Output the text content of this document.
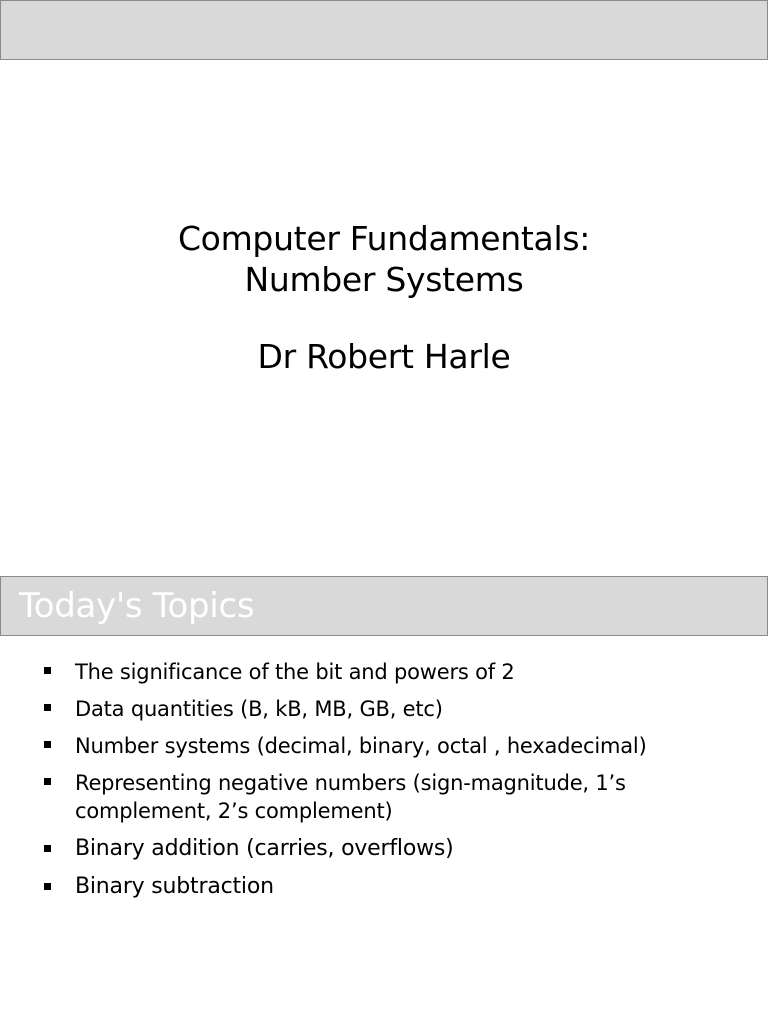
Computer Fundamentals:
Number Systems
Dr Robert Harle
Today's Topics
The significance of the bit and powers of 2
Data quantities (B, kB, MB, GB, etc)
Number systems (decimal, binary, octal , hexadecimal)
Representing negative numbers (sign-magnitude, 1’s complement, 2’s complement)
Binary addition (carries, overflows)
Binary subtraction
